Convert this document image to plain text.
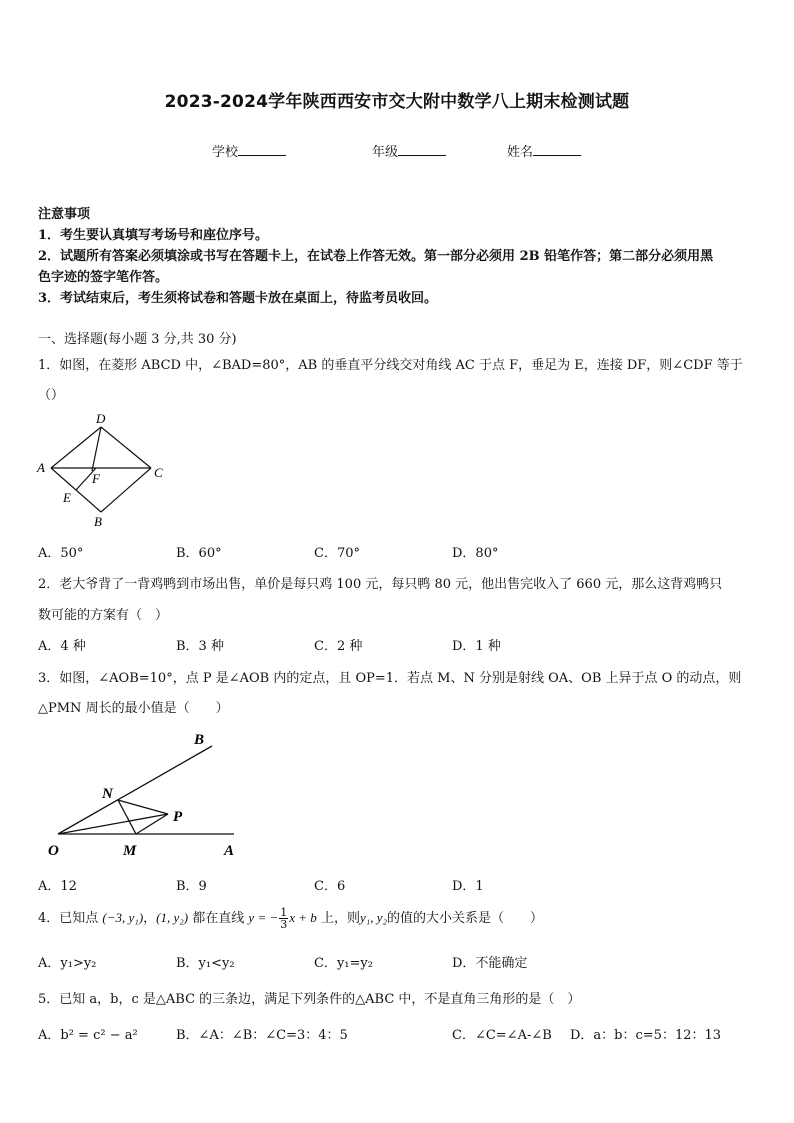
2023-2024学年陕西西安市交大附中数学八上期末检测试题
学校	年级	姓名
注意事项
1．考生要认真填写考场号和座位序号。
2．试题所有答案必须填涂或书写在答题卡上，在试卷上作答无效。第一部分必须用 2B 铅笔作答；第二部分必须用黑
色字迹的签字笔作答。
3．考试结束后，考生须将试卷和答题卡放在桌面上，待监考员收回。
一、选择题(每小题 3 分,共 30 分)
1．如图，在菱形 ABCD 中，∠BAD=80°，AB 的垂直平分线交对角线 AC 于点 F，垂足为 E，连接 DF，则∠CDF 等于
（）
D
A	C
F
E
B
A．50°	B．60°	C．70°	D．80°
2．老大爷背了一背鸡鸭到市场出售，单价是每只鸡 100 元，每只鸭 80 元，他出售完收入了 660 元，那么这背鸡鸭只
数可能的方案有（　）
A．4 种	B．3 种	C．2 种	D．1 种
3．如图，∠AOB=10°，点 P 是∠AOB 内的定点，且 OP=1．若点 M、N 分别是射线 OA、OB 上异于点 O 的动点，则
△PMN 周长的最小值是（　　）
B
N
P
O	M	A
A．12	B．9	C．6	D．1
4．已知点 (−3, y₁)，(1, y₂) 都在直线 y = − $\frac{1}{3}$ x + b 上，则y₁, y₂的值的大小关系是（　　）
A．y₁>y₂	B．y₁<y₂	C．y₁=y₂	D．不能确定
5．已知 a，b，c 是△ABC 的三条边，满足下列条件的△ABC 中，不是直角三角形的是（　）
A．b² = c² − a²	B．∠A：∠B：∠C=3：4：5	C．∠C=∠A-∠B D．a：b：c=5：12：13
